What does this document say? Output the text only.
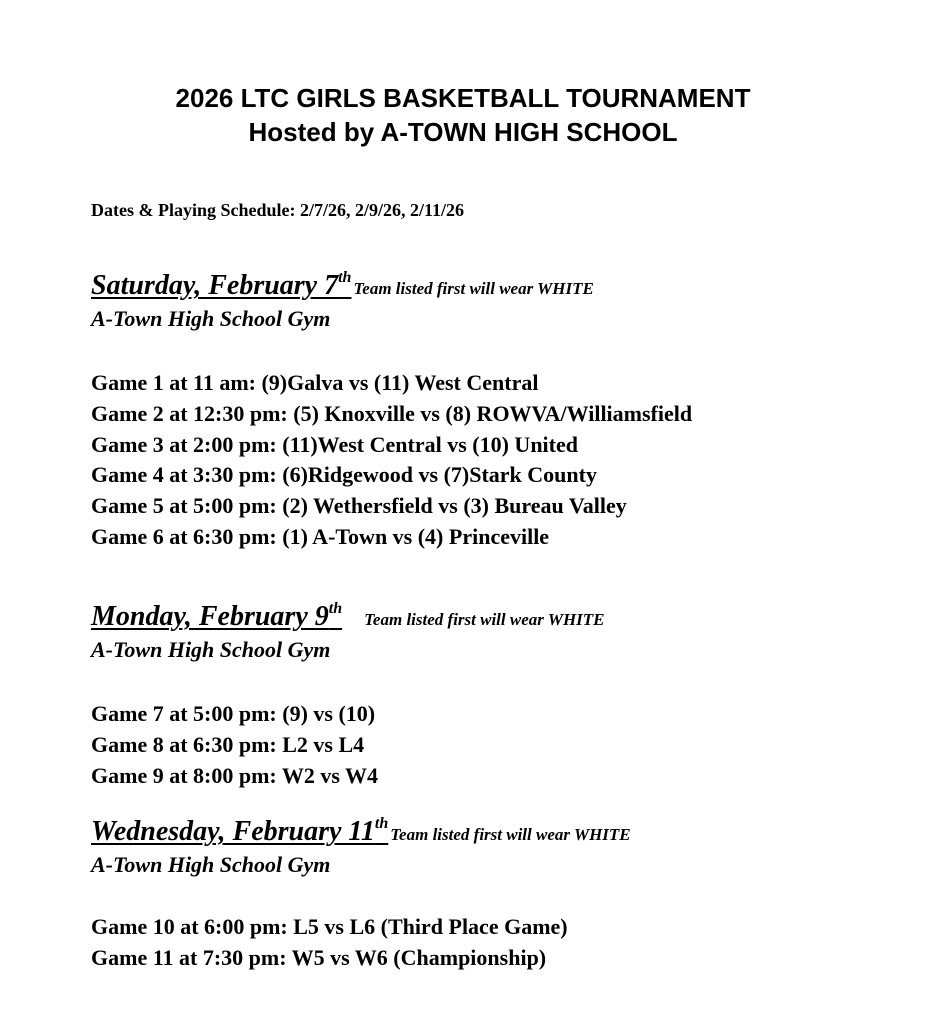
2026 LTC GIRLS BASKETBALL TOURNAMENT
Hosted by A-TOWN HIGH SCHOOL
Dates & Playing Schedule: 2/7/26, 2/9/26, 2/11/26
Saturday, February 7thTeam listed first will wear WHITE
A-Town High School Gym
Game 1 at 11 am: (9)Galva vs (11) West Central
Game 2 at 12:30 pm: (5) Knoxville vs (8) ROWVA/Williamsfield
Game 3 at 2:00 pm: (11)West Central vs (10) United
Game 4 at 3:30 pm: (6)Ridgewood vs (7)Stark County
Game 5 at 5:00 pm: (2) Wethersfield vs (3) Bureau Valley
Game 6 at 6:30 pm: (1) A-Town vs (4) Princeville
Monday, February 9thTeam listed first will wear WHITE
A-Town High School Gym
Game 7 at 5:00 pm: (9) vs (10)
Game 8 at 6:30 pm: L2 vs L4
Game 9 at 8:00 pm: W2 vs W4
Wednesday, February 11thTeam listed first will wear WHITE
A-Town High School Gym
Game 10 at 6:00 pm: L5 vs L6 (Third Place Game)
Game 11 at 7:30 pm: W5 vs W6 (Championship)
